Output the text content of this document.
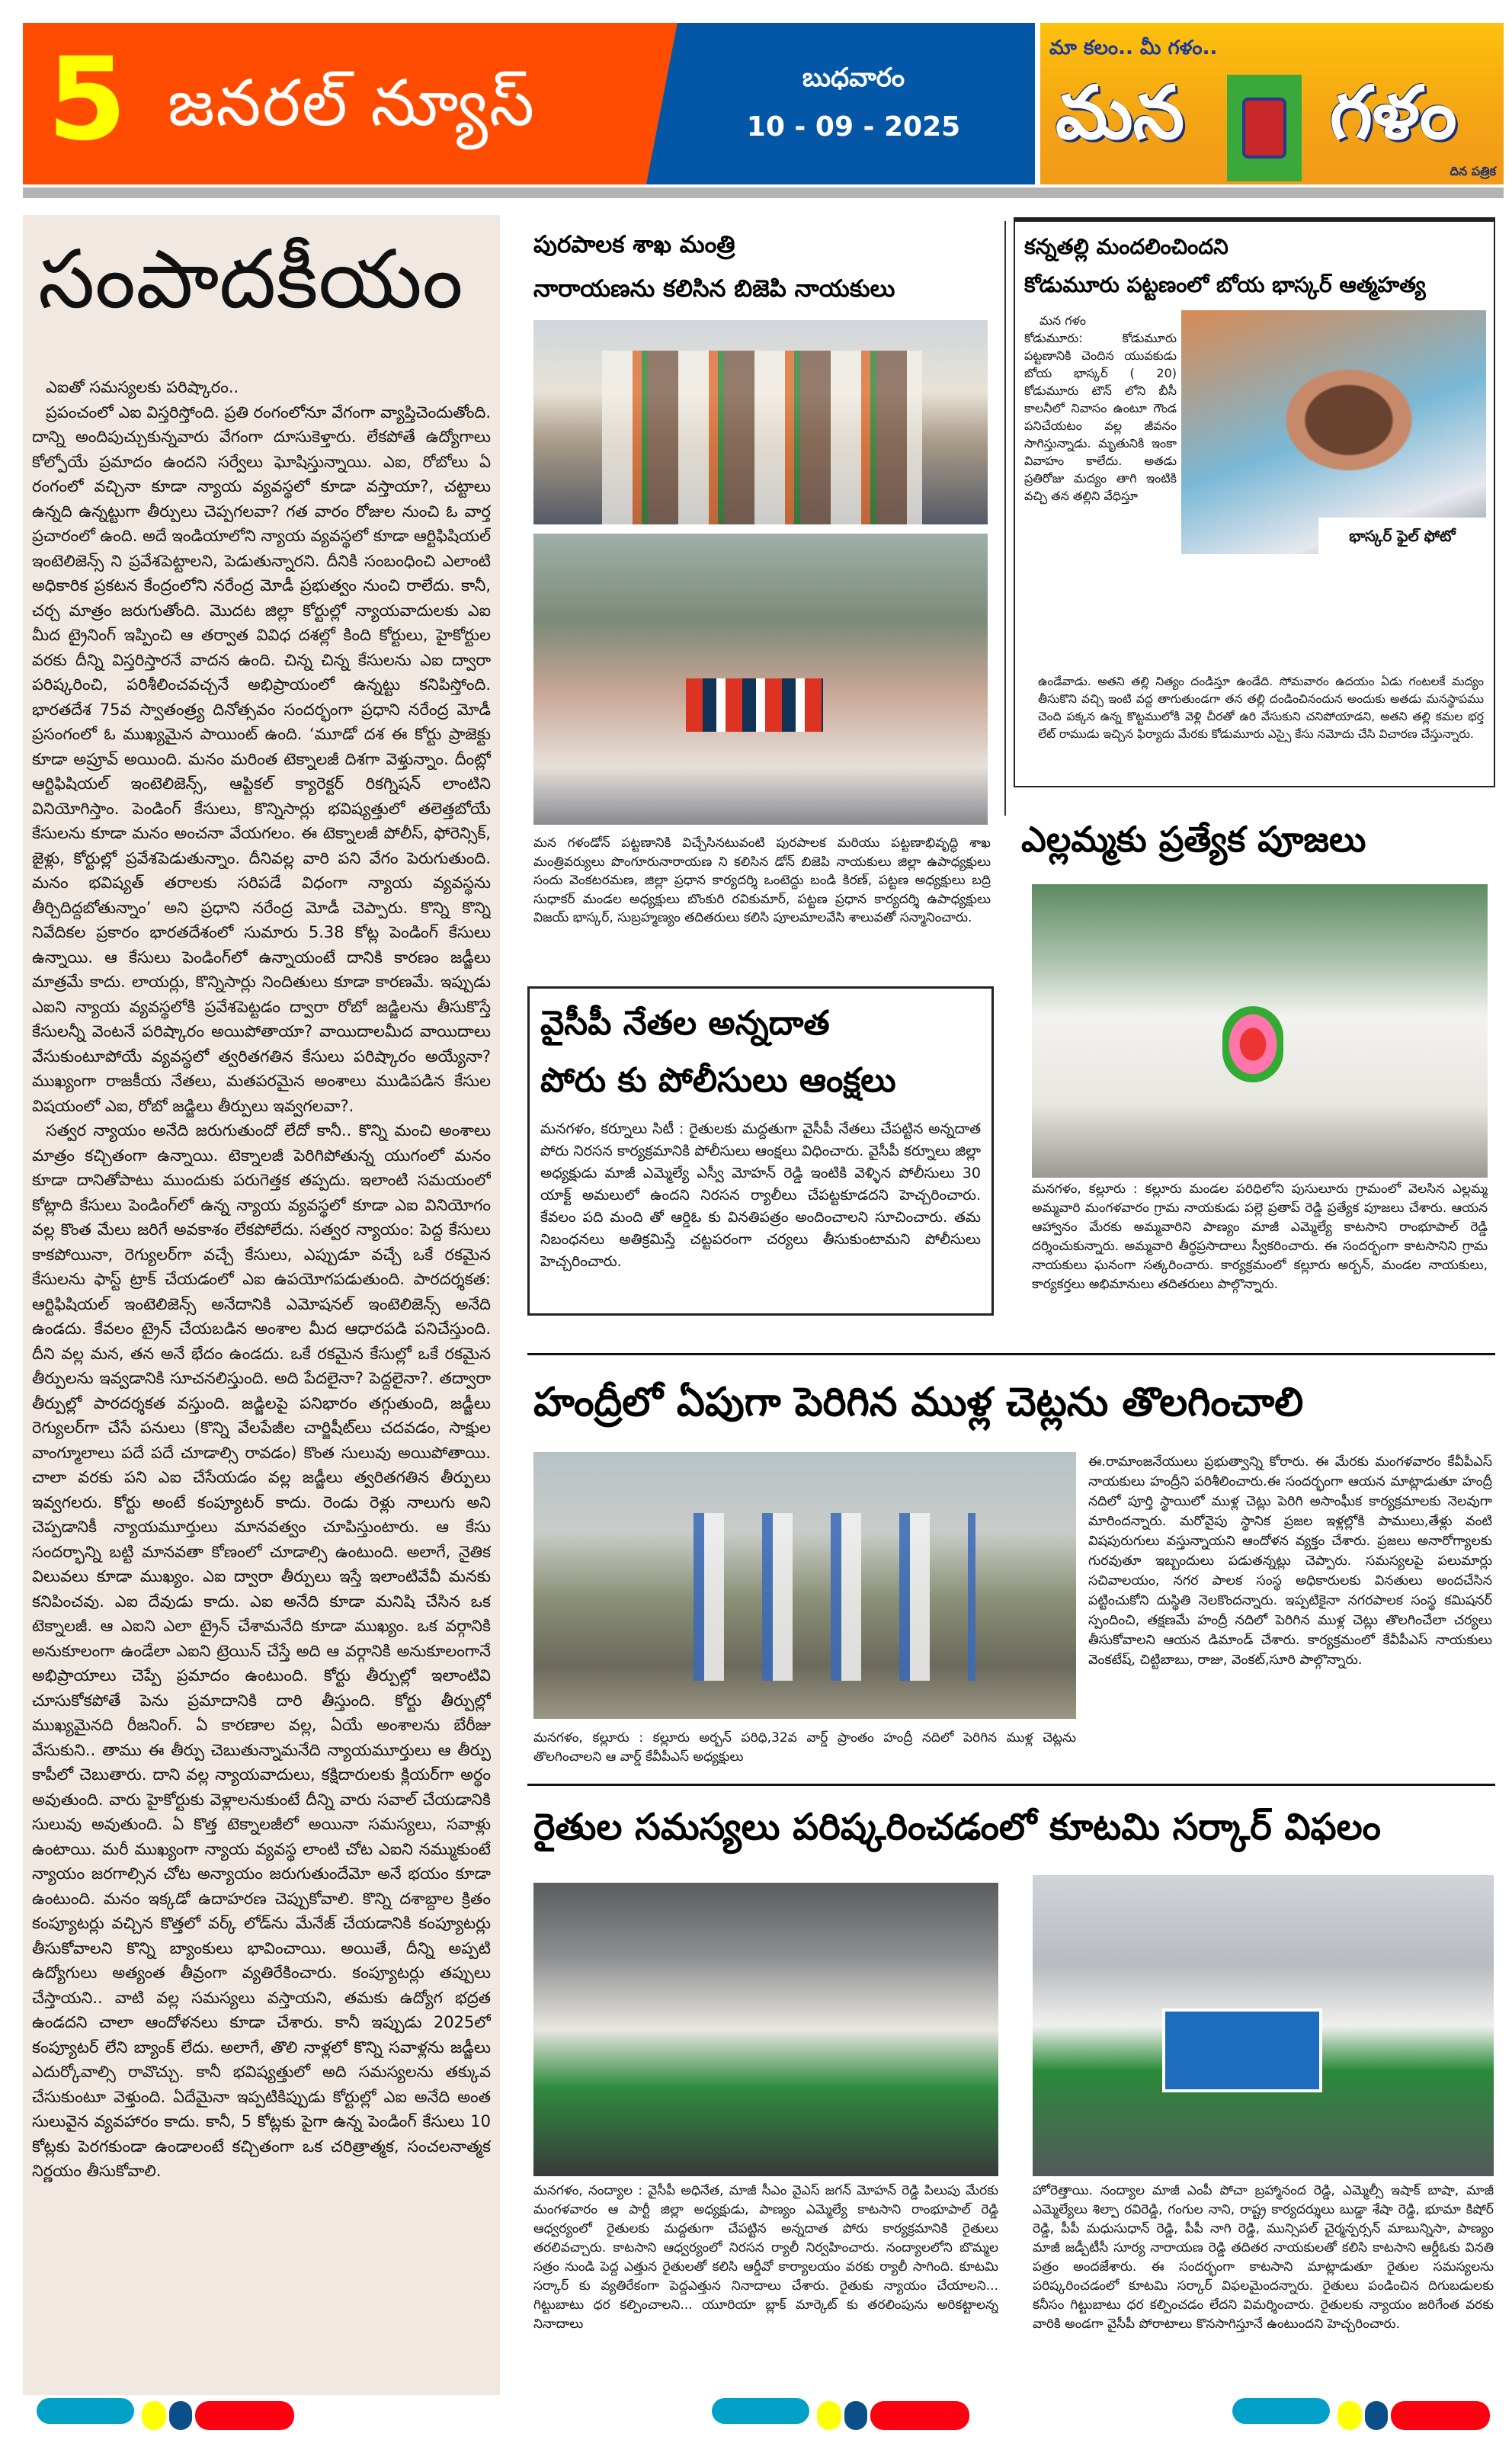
5 జనరల్ న్యూస్	బుధవారం
10 - 09 - 2025
మా కలం.. మీ గళం..
మన గళం
దిన పత్రిక
సంపాదకీయం

ఎఐతో సమస్యలకు పరిష్కారం..

ప్రపంచంలో ఎఐ విస్తరిస్తోంది. ప్రతి రంగంలోనూ వేగంగా వ్యాప్తిచెందుతోంది. దాన్ని అందిపుచ్చుకున్నవారు వేగంగా దూసుకెళ్తారు. లేకపోతే ఉద్యోగాలు కోల్పోయే ప్రమాదం ఉందని సర్వేలు ఘోషిస్తున్నాయి. ఎఐ, రోబోలు ఏ రంగంలో వచ్చినా కూడా న్యాయ వ్యవస్థలో కూడా వస్తాయా?, చట్టాలు ఉన్నది ఉన్నట్టుగా తీర్పులు చెప్పగలవా? గత వారం రోజుల నుంచి ఓ వార్త ప్రచారంలో ఉంది. అదే ఇండియాలోని న్యాయ వ్యవస్థలో కూడా ఆర్టిఫిషియల్ ఇంటెలిజెన్స్ ని ప్రవేశపెట్టాలని, పెడుతున్నారని. దీనికి సంబంధించి ఎలాంటి అధికారిక ప్రకటన కేంద్రంలోని నరేంద్ర మోడీ ప్రభుత్వం నుంచి రాలేదు. కానీ, చర్చ మాత్రం జరుగుతోంది. మొదట జిల్లా కోర్టుల్లో న్యాయవాదులకు ఎఐ మీద ట్రైనింగ్ ఇప్పించి ఆ తర్వాత వివిధ దశల్లో కింది కోర్టులు, హైకోర్టుల వరకు దీన్ని విస్తరిస్తారనే వాదన ఉంది. చిన్న చిన్న కేసులను ఎఐ ద్వారా పరిష్కరించి, పరిశీలించవచ్చనే అభిప్రాయంలో ఉన్నట్టు కనిపిస్తోంది. భారతదేశ 75వ స్వాతంత్ర్య దినోత్సవం సందర్భంగా ప్రధాని నరేంద్ర మోడీ ప్రసంగంలో ఓ ముఖ్యమైన పాయింట్ ఉంది. ‘మూడో దశ ఈ కోర్టు ప్రాజెక్టు కూడా అప్రూవ్ అయింది. మనం మరింత టెక్నాలజీ దిశగా వెళ్తున్నాం. దీంట్లో ఆర్టిఫిషియల్ ఇంటెలిజెన్స్, ఆప్టికల్ క్యారెక్టర్ రికగ్నిషన్ లాంటిని వినియోగిస్తాం. పెండింగ్ కేసులు, కొన్నిసార్లు భవిష్యత్తులో తలెత్తబోయే కేసులను కూడా మనం అంచనా వేయగలం. ఈ టెక్నాలజీ పోలీస్, ఫోరెన్సిక్, జైళ్లు, కోర్టుల్లో ప్రవేశపెడుతున్నాం. దీనివల్ల వారి పని వేగం పెరుగుతుంది. మనం భవిష్యత్ తరాలకు సరిపడే విధంగా న్యాయ వ్యవస్థను తీర్చిదిద్దబోతున్నాం’ అని ప్రధాని నరేంద్ర మోడీ చెప్పారు. కొన్ని కొన్ని నివేదికల ప్రకారం భారతదేశంలో సుమారు 5.38 కోట్ల పెండింగ్ కేసులు ఉన్నాయి. ఆ కేసులు పెండింగ్‌లో ఉన్నాయంటే దానికి కారణం జడ్జీలు మాత్రమే కాదు. లాయర్లు, కొన్నిసార్లు నిందితులు కూడా కారణమే. ఇప్పుడు ఎఐని న్యాయ వ్యవస్థలోకి ప్రవేశపెట్టడం ద్వారా రోబో జడ్జిలను తీసుకొస్తే కేసులన్నీ వెంటనే పరిష్కారం అయిపోతాయా? వాయిదాలమీద వాయిదాలు వేసుకుంటూపోయే వ్యవస్థలో త్వరితగతిన కేసులు పరిష్కారం అయ్యేనా? ముఖ్యంగా రాజకీయ నేతలు, మతపరమైన అంశాలు ముడిపడిన కేసుల విషయంలో ఎఐ, రోబో జడ్జిలు తీర్పులు ఇవ్వగలవా?.

సత్వర న్యాయం అనేది జరుగుతుందో లేదో కానీ.. కొన్ని మంచి అంశాలు మాత్రం కచ్చితంగా ఉన్నాయి. టెక్నాలజీ పెరిగిపోతున్న యుగంలో మనం కూడా దానితోపాటు ముందుకు పరుగెత్తక తప్పదు. ఇలాంటి సమయంలో కోట్లాది కేసులు పెండింగ్‌లో ఉన్న న్యాయ వ్యవస్థలో కూడా ఎఐ వినియోగం వల్ల కొంత మేలు జరిగే అవకాశం లేకపోలేదు. సత్వర న్యాయం: పెద్ద కేసులు కాకపోయినా, రెగ్యులర్‌గా వచ్చే కేసులు, ఎప్పుడూ వచ్చే ఒకే రకమైన కేసులను ఫాస్ట్ ట్రాక్ చేయడంలో ఎఐ ఉపయోగపడుతుంది. పారదర్శకత: ఆర్టిఫిషియల్ ఇంటెలిజెన్స్ అనేదానికి ఎమోషనల్ ఇంటెలిజెన్స్ అనేది ఉండదు. కేవలం ట్రైన్ చేయబడిన అంశాల మీద ఆధారపడి పనిచేస్తుంది. దీని వల్ల మన, తన అనే భేదం ఉండదు. ఒకే రకమైన కేసుల్లో ఒకే రకమైన తీర్పులను ఇవ్వడానికి సూచనలిస్తుంది. అది పేదలైనా? పెద్దలైనా?. తద్వారా తీర్పుల్లో పారదర్శకత వస్తుంది. జడ్జిలపై పనిభారం తగ్గుతుంది, జడ్జీలు రెగ్యులర్‌గా చేసే పనులు (కొన్ని వేలపేజీల చార్జిషీట్‌లు చదవడం, సాక్షుల వాంగ్మూలాలు పదే పదే చూడాల్సి రావడం) కొంత సులువు అయిపోతాయి. చాలా వరకు పని ఎఐ చేసేయడం వల్ల జడ్జీలు త్వరితగతిన తీర్పులు ఇవ్వగలరు. కోర్టు అంటే కంప్యూటర్ కాదు. రెండు రెళ్లు నాలుగు అని చెప్పడానికీ న్యాయమూర్తులు మానవత్వం చూపిస్తుంటారు. ఆ కేసు సందర్భాన్ని బట్టి మానవతా కోణంలో చూడాల్సి ఉంటుంది. అలాగే, నైతిక విలువలు కూడా ముఖ్యం. ఎఐ ద్వారా తీర్పులు ఇస్తే ఇలాంటివేవీ మనకు కనిపించవు. ఎఐ దేవుడు కాదు. ఎఐ అనేది కూడా మనిషి చేసిన ఒక టెక్నాలజీ. ఆ ఎఐని ఎలా ట్రైన్ చేశామనేది కూడా ముఖ్యం. ఒక వర్గానికి అనుకూలంగా ఉండేలా ఎఐని ట్రెయిన్ చేస్తే అది ఆ వర్గానికి అనుకూలంగానే అభిప్రాయాలు చెప్పే ప్రమాదం ఉంటుంది. కోర్టు తీర్పుల్లో ఇలాంటివి చూసుకోకపోతే పెను ప్రమాదానికి దారి తీస్తుంది. కోర్టు తీర్పుల్లో ముఖ్యమైనది రీజనింగ్. ఏ కారణాల వల్ల, ఏయే అంశాలను బేరీజు వేసుకుని.. తాము ఈ తీర్పు చెబుతున్నామనేది న్యాయమూర్తులు ఆ తీర్పు కాపీలో చెబుతారు. దాని వల్ల న్యాయవాదులు, కక్షిదారులకు క్లియర్‌గా అర్థం అవుతుంది. వారు హైకోర్టుకు వెళ్లాలనుకుంటే దీన్ని వారు సవాల్ చేయడానికి సులువు అవుతుంది. ఏ కొత్త టెక్నాలజీలో అయినా సమస్యలు, సవాళ్లు ఉంటాయి. మరీ ముఖ్యంగా న్యాయ వ్యవస్థ లాంటి చోట ఎఐని నమ్ముకుంటే న్యాయం జరగాల్సిన చోట అన్యాయం జరుగుతుందేమో అనే భయం కూడా ఉంటుంది. మనం ఇక్కడో ఉదాహరణ చెప్పుకోవాలి. కొన్ని దశాబ్దాల క్రితం కంప్యూటర్లు వచ్చిన కొత్తలో వర్క్ లోడ్‌ను మేనేజ్ చేయడానికి కంప్యూటర్లు తీసుకోవాలని కొన్ని బ్యాంకులు భావించాయి. అయితే, దీన్ని అప్పటి ఉద్యోగులు అత్యంత తీవ్రంగా వ్యతిరేకించారు. కంప్యూటర్లు తప్పులు చేస్తాయని.. వాటి వల్ల సమస్యలు వస్తాయని, తమకు ఉద్యోగ భద్రత ఉండదని చాలా ఆందోళనలు కూడా చేశారు. కానీ ఇప్పుడు 2025లో కంప్యూటర్ లేని బ్యాంక్ లేదు. అలాగే, తొలి నాళ్లలో కొన్ని సవాళ్లను జడ్జీలు ఎదుర్కోవాల్సి రావొచ్చు. కానీ భవిష్యత్తులో అది సమస్యలను తక్కువ చేసుకుంటూ వెళ్తుంది. ఏదేమైనా ఇప్పటికిప్పుడు కోర్టుల్లో ఎఐ అనేది అంత సులువైన వ్యవహారం కాదు. కానీ, 5 కోట్లకు పైగా ఉన్న పెండింగ్ కేసులు 10 కోట్లకు పెరగకుండా ఉండాలంటే కచ్చితంగా ఒక చరిత్రాత్మక, సంచలనాత్మక నిర్ణయం తీసుకోవాలి.

పురపాలక శాఖ మంత్రి
నారాయణను కలిసిన బిజెపి నాయకులు
మన గళండోన్ పట్టణానికి విచ్చేసినటువంటి పురపాలక మరియు పట్టణాభివృద్ధి శాఖ మంత్రివర్యులు పొంగూరునారాయణ ని కలిసిన డోన్ బిజెపి నాయకులు జిల్లా ఉపాధ్యక్షులు సందు వెంకటరమణ, జిల్లా ప్రధాన కార్యదర్శి ఒంటెద్దు బండి కిరణ్, పట్టణ అధ్యక్షులు బద్రి సుధాకర్ మండల అధ్యక్షులు బొంకురి రవికుమార్, పట్టణ ప్రధాన కార్యదర్శి ఉపాధ్యక్షులు విజయ్ భాస్కర్, సుబ్రహ్మణ్యం తదితరులు కలిసి పూలమాలవేసి శాలువతో సన్మానించారు.
వైసీపీ నేతల అన్నదాత
పోరు కు పోలీసులు ఆంక్షలు
మనగళం, కర్నూలు సిటీ : రైతులకు మద్దతుగా వైసీపీ నేతలు చేపట్టిన అన్నదాత పోరు నిరసన కార్యక్రమానికి పోలీసులు ఆంక్షలు విధించారు. వైసీపీ కర్నూలు జిల్లా అధ్యక్షుడు మాజీ ఎమ్మెల్యే ఎస్వీ మోహన్ రెడ్డి ఇంటికి వెళ్ళిన పోలీసులు 30 యాక్ట్ అమలులో ఉందని నిరసన ర్యాలీలు చేపట్టకూడదని హెచ్చరించారు. కేవలం పది మంది తో ఆర్డిఓ కు వినతిపత్రం అందించాలని సూచించారు. తమ నిబంధనలు అతిక్రమిస్తే చట్టపరంగా చర్యలు తీసుకుంటామని పోలీసులు హెచ్చరించారు.
కన్నతల్లి మందలించిందని
కోడుమూరు పట్టణంలో బోయ భాస్కర్ ఆత్మహత్య
మన గళం
కోడుమూరు: కోడుమూరు పట్టణానికి చెందిన యువకుడు బోయ భాస్కర్ ( 20) కోడుమూరు టౌన్ లోని బీసీ కాలనీలో నివాసం ఉంటూ గౌండ పనిచేయటం వల్ల జీవనం సాగిస్తున్నాడు. మృతునికి ఇంకా వివాహం కాలేదు. అతడు ప్రతిరోజు మద్యం తాగి ఇంటికి వచ్చి తన తల్లిని వేధిస్తూ
భాస్కర్ ఫైల్ ఫోటో
ఉండేవాడు. అతని తల్లి నిత్యం దండిస్తూ ఉండేది. సోమవారం ఉదయం ఏడు గంటలకే మద్యం తీసుకొని వచ్చి ఇంటి వద్ద తాగుతుండగా తన తల్లి దండించినందున అందుకు అతడు మనస్థాపము చెంది పక్కన ఉన్న కొట్టములోకి వెళ్లి చీరతో ఉరి వేసుకుని చనిపోయాడని, అతని తల్లి కమల భర్త లేట్ రాముడు ఇచ్చిన ఫిర్యాదు మేరకు కోడుమూరు ఎస్సై కేసు నమోదు చేసి విచారణ చేస్తున్నారు.
ఎల్లమ్మకు ప్రత్యేక పూజలు
మనగళం, కల్లూరు : కల్లూరు మండల పరిధిలోని పుసులూరు గ్రామంలో వెలసిన ఎల్లమ్మ అమ్మవారి మంగళవారం గ్రామ నాయకుడు పల్లె ప్రతాప్ రెడ్డి ప్రత్యేక పూజలు చేశారు. ఆయన ఆహ్వానం మేరకు అమ్మవారిని పాణ్యం మాజీ ఎమ్మెల్యే కాటసాని రాంభూపాల్ రెడ్డి దర్శించుకున్నారు. అమ్మవారి తీర్థప్రసాదాలు స్వీకరించారు. ఈ సందర్భంగా కాటసానిని గ్రామ నాయకులు ఘనంగా సత్కరించారు. కార్యక్రమంలో కల్లూరు అర్బన్, మండల నాయకులు, కార్యకర్తలు అభిమానులు తదితరులు పాల్గొన్నారు.
హంద్రీలో ఏపుగా పెరిగిన ముళ్ల చెట్లను తొలగించాలి
మనగళం, కల్లూరు : కల్లూరు అర్బన్ పరిధి,32వ వార్డ్ ప్రాంతం హంద్రీ నదిలో పెరిగిన ముళ్ల చెట్లను తొలగించాలని ఆ వార్డ్ కేవీపీఎస్ అధ్యక్షులు
ఈ.రామాంజనేయులు ప్రభుత్వాన్ని కోరారు. ఈ మేరకు మంగళవారం కేవీపీఎస్ నాయకులు హంద్రీని పరిశీలించారు.ఈ సందర్భంగా ఆయన మాట్లాడుతూ హంద్రీ నదిలో పూర్తి స్థాయిలో ముళ్ల చెట్లు పెరిగి అసాంఘీక కార్యక్రమాలకు నెలవుగా మారిందన్నారు. మరోవైపు స్థానిక ప్రజల ఇళ్లల్లోకి పాములు,తేళ్లు వంటి విషపురుగులు వస్తున్నాయని ఆందోళన వ్యక్తం చేశారు. ప్రజలు అనారోగ్యాలకు గురవుతూ ఇబ్బందులు పడుతన్నట్లు చెప్పారు. సమస్యలపై పలుమార్లు సచివాలయం, నగర పాలక సంస్థ అధికారులకు వినతులు అందచేసిన పట్టించుకోని దుస్థితి నెలకొందన్నారు. ఇప్పటికైనా నగరపాలక సంస్థ కమిషనర్ స్పందించి, తక్షణమే హంద్రీ నదిలో పెరిగిన ముళ్ల చెట్లు తొలగించేలా చర్యలు తీసుకోవాలని ఆయన డిమాండ్ చేశారు. కార్యక్రమంలో కేవీపీఎస్ నాయకులు వెంకటేష్, చిట్టిబాబు, రాజు, వెంకట్,సూరి పాల్గొన్నారు.
రైతుల సమస్యలు పరిష్కరించడంలో కూటమి సర్కార్ విఫలం
మనగళం, నంద్యాల : వైసీపీ అధినేత, మాజీ సీఎం వైఎస్ జగన్ మోహన్ రెడ్డి పిలుపు మేరకు మంగళవారం ఆ పార్టీ జిల్లా అధ్యక్షుడు, పాణ్యం ఎమ్మెల్యే కాటసాని రాంభూపాల్ రెడ్డి ఆధ్వర్యంలో రైతులకు మద్దతుగా చేపట్టిన అన్నదాత పోరు కార్యక్రమానికి రైతులు తరలివచ్చారు. కాటసాని ఆధ్వర్యంలో నిరసన ర్యాలీ నిర్వహించారు. నంద్యాలలోని బొమ్మల సత్రం నుండి పెద్ద ఎత్తున రైతులతో కలిసి ఆర్డీవో కార్యాలయం వరకు ర్యాలీ సాగింది. కూటమి సర్కార్ కు వ్యతిరేకంగా పెద్దఎత్తున నినాదాలు చేశారు. రైతుకు న్యాయం చేయాలని... గిట్టుబాటు ధర కల్పించాలని... యూరియా బ్లాక్ మార్కెట్ కు తరలింపును అరికట్టాలన్న నినాదాలు
హోరెత్తాయి. నంద్యాల మాజీ ఎంపీ పోచా బ్రహ్మానంద రెడ్డి, ఎమ్మెల్సీ ఇషాక్ బాషా, మాజీ ఎమ్మెల్యేలు శిల్పా రవిరెడ్డి, గంగుల నాని, రాష్ట్ర కార్యదర్శులు బుడ్డా శేషా రెడ్డి, భూమా కిషోర్ రెడ్డి, పీపీ మధుసుధాన్ రెడ్డి, పీపీ నాగి రెడ్డి, మున్సిపల్ చైర్మన్పర్సన్ మాబున్నిసా, పాణ్యం మాజీ జడ్పీటీసీ సూర్య నారాయణ రెడ్డి తదితర నాయకులతో కలిసి కాటసాని ఆర్డీఓకు వినతి పత్రం అందజేశారు. ఈ సందర్భంగా కాటసాని మాట్లాడుతూ రైతుల సమస్యలను పరిష్కరించడంలో కూటమి సర్కార్ విఫలమైందన్నారు. రైతులు పండించిన దిగుబడులకు కనీసం గిట్టుబాటు ధర కల్పించడం లేదని విమర్శించారు. రైతులకు న్యాయం జరిగేంత వరకు వారికి అండగా వైసీపీ పోరాటాలు కొనసాగిస్తూనే ఉంటుందని హెచ్చరించారు.
